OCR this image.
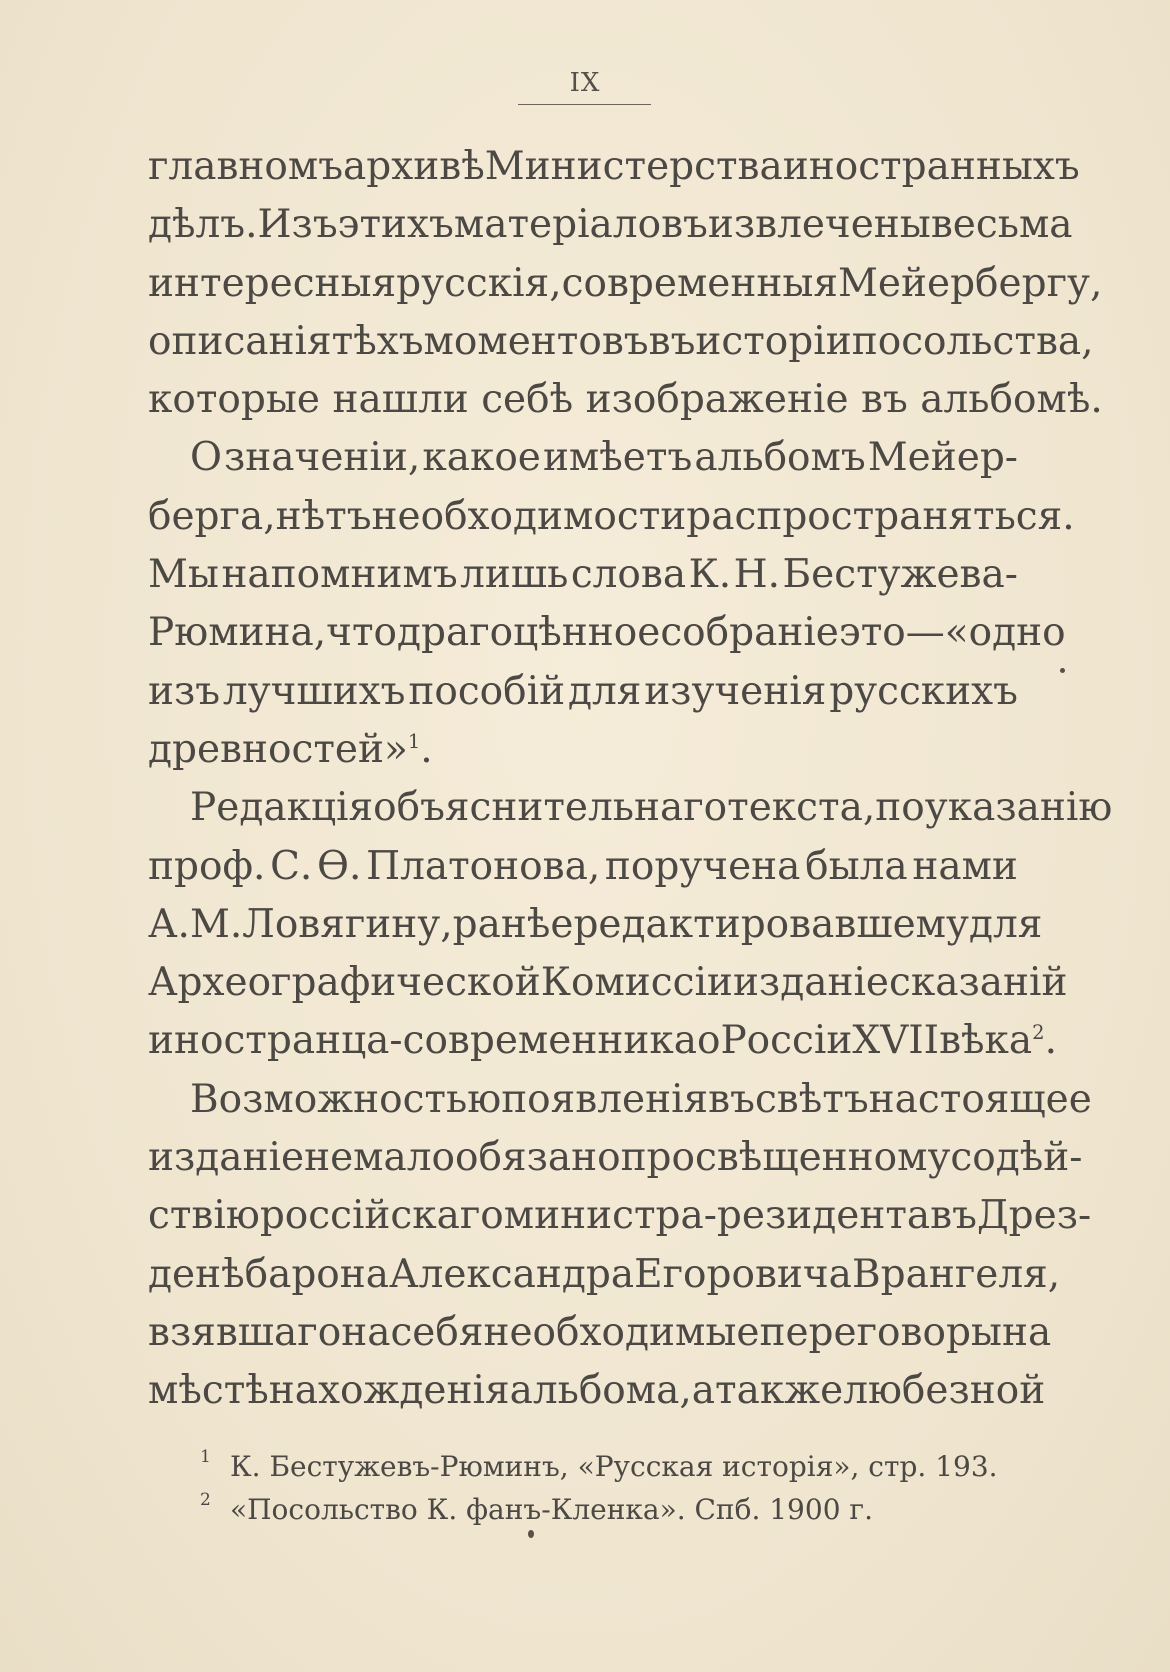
IX
главномъ архивѣ Министерства иностранныхъ
дѣлъ. Изъ этихъ матеріаловъ извлечены весьма
интересныя русскія, современныя Мейербергу,
описанія тѣхъ моментовъ въ исторіи посольства,
которые нашли себѣ изображеніе въ альбомѣ.
О значеніи, какое имѣетъ альбомъ Мейер-
берга, нѣтъ необходимости распространяться.
Мы напомнимъ лишь слова К. Н. Бестужева-
Рюмина, что драгоцѣнное собраніе это—«одно
изъ лучшихъ пособій для изученія русскихъ
древностей»$^1$.
Редакція объяснительнаго текста, по указанію
проф. С. Ѳ. Платонова, поручена была нами
А. М. Ловягину, ранѣе редактировавшему для
Археографической Комиссіи изданіе сказаній
иностранца-современника о Россіи XVII вѣка$^2$.
Возможностью появленія въ свѣтъ настоящее
изданіе не мало обязано просвѣщенному содѣй-
ствію россійскаго министра-резидента въ Дрез-
денѣ барона Александра Егоровича Врангеля,
взявшаго на себя необходимые переговоры на
мѣстѣ нахожденія альбома, а также любезной
1 К. Бестужевъ-Рюминъ, «Русская исторія», стр. 193.
2 «Посольство К. фанъ-Кленка». Спб. 1900 г.
